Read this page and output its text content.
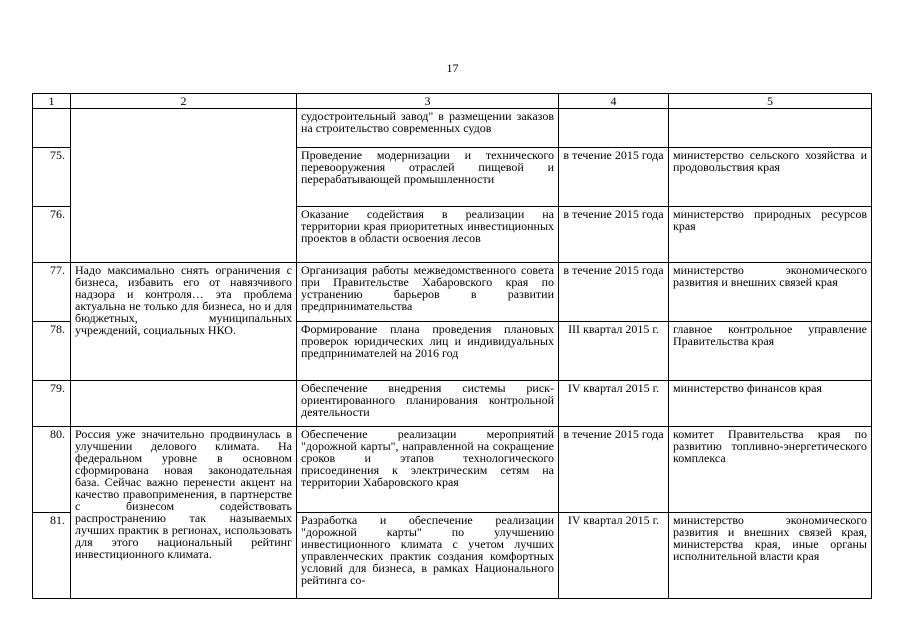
17
1	2	3	4	5
		судостроительный завод" в размещении заказов на строительство современных судов		
75.		Проведение модернизации и технического перевооружения отраслей пищевой и перерабатывающей промышленности	в течение 2015 года	министерство сельского хозяйства и продовольствия края
76.		Оказание содействия в реализации на территории края приоритетных инвестиционных проектов в области освоения лесов	в течение 2015 года	министерство природных ресурсов края
77.	Надо максимально снять ограничения с бизнеса, избавить его от навязчивого надзора и контроля… эта проблема актуальна не только для бизнеса, но и для бюджетных, муниципальных учреждений, социальных НКО.	Организация работы межведомственного совета при Правительстве Хабаровского края по устранению барьеров в развитии предпринимательства	в течение 2015 года	министерство экономического развития и внешних связей края
78.		Формирование плана проведения плановых проверок юридических лиц и индивидуальных предпринимателей на 2016 год	III квартал 2015 г.	главное контрольное управление Правительства края
79.		Обеспечение внедрения системы риск-ориентированного планирования контрольной деятельности	IV квартал 2015 г.	министерство финансов края
80.	Россия уже значительно продвинулась в улучшении делового климата. На федеральном уровне в основном сформирована новая законодательная база. Сейчас важно перенести акцент на качество правоприменения, в партнерстве с бизнесом содействовать распространению так называемых лучших практик в регионах, использовать для этого национальный рейтинг инвестиционного климата.	Обеспечение реализации мероприятий "дорожной карты", направленной на сокращение сроков и этапов технологического присоединения к электрическим сетям на территории Хабаровского края	в течение 2015 года	комитет Правительства края по развитию топливно-энергетического комплекса
81.		Разработка и обеспечение реализации "дорожной карты" по улучшению инвестиционного климата с учетом лучших управленческих практик создания комфортных условий для бизнеса, в рамках Национального рейтинга со-	IV квартал 2015 г.	министерство экономического развития и внешних связей края, министерства края, иные органы исполнительной власти края
